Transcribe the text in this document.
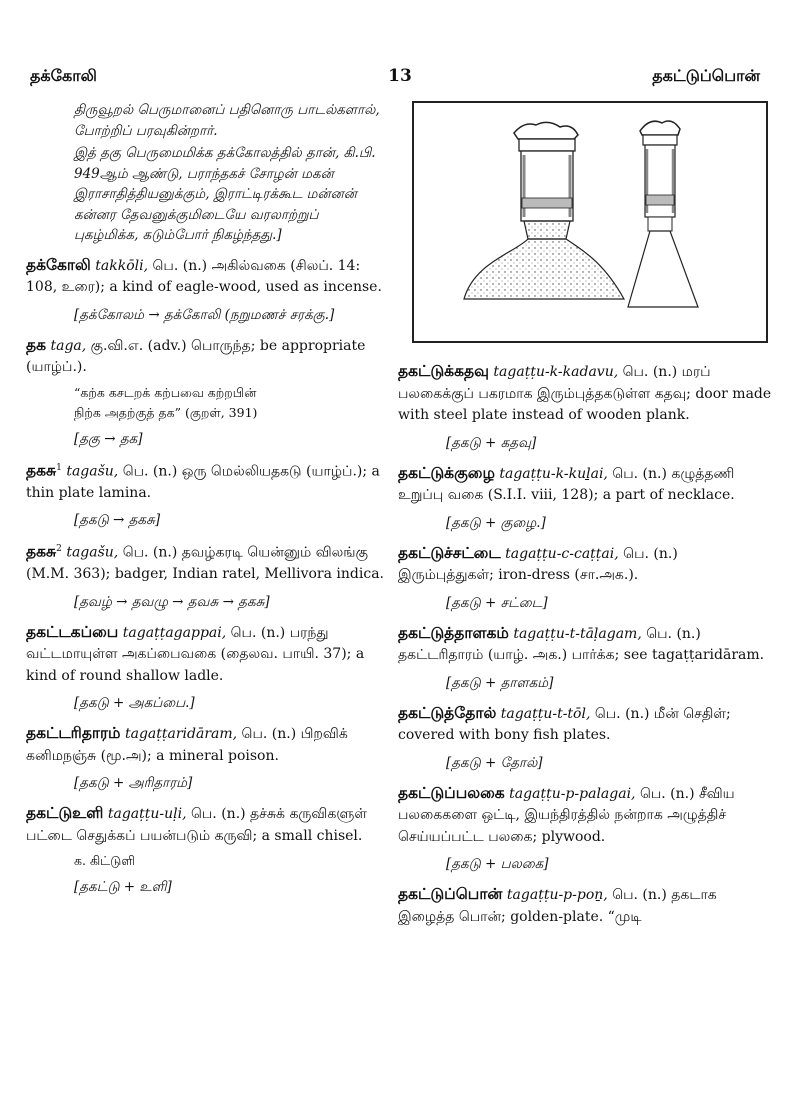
தக்கோலி	13	தகட்டுப்பொன்

திருவூறல் பெருமானைப் பதினொரு பாடல்களால், போற்றிப் பரவுகின்றார்.

இத் தகு பெருமைமிக்க தக்கோலத்தில் தான், கி.பி. 949ஆம் ஆண்டு, பராந்தகச் சோழன் மகன் இராசாதித்தியனுக்கும், இராட்டிரக்கூட மன்னன் கன்னர தேவனுக்குமிடையே வரலாற்றுப் புகழ்மிக்க, கடும்போர் நிகழ்ந்தது.]

தக்கோலி takkōli, பெ. (n.) அகில்வகை (சிலப். 14: 108, உரை); a kind of eagle-wood, used as incense.

[தக்கோலம் → தக்கோலி (நறுமணச் சரக்கு.]

தக taga, கு.வி.எ. (adv.) பொருந்த; be appropriate (யாழ்ப்.).

“கற்க கசடறக் கற்பவை கற்றபின்

நிற்க அதற்குத் தக” (குறள், 391)

[தகு → தக]

தகசு$^1$ tagašu, பெ. (n.) ஒரு மெல்லியதகடு (யாழ்ப்.); a thin plate lamina.

[தகடு → தகசு]

தகசு$^2$ tagašu, பெ. (n.) தவழ்கரடி யென்னும் விலங்கு (M.M. 363); badger, Indian ratel, Mellivora indica.

[தவழ் → தவழு → தவசு → தகசு]

தகட்டகப்பை tagaṭṭagappai, பெ. (n.) பரந்து வட்டமாயுள்ள அகப்பைவகை (தைலவ. பாயி. 37); a kind of round shallow ladle.

[தகடு + அகப்பை.]

தகட்டரிதாரம் tagaṭṭaridāram, பெ. (n.) பிறவிக் கனிமநஞ்சு (மூ.அ); a mineral poison.

[தகடு + அரிதாரம்]

தகட்டுஉளி tagaṭṭu-uḷi, பெ. (n.) தச்சுக் கருவிகளுள் பட்டை செதுக்கப் பயன்படும் கருவி; a small chisel.

க. கிட்டுளி

[தகட்டு + உளி]

தகட்டுக்கதவு tagaṭṭu-k-kadavu, பெ. (n.) மரப் பலகைக்குப் பகரமாக இரும்புத்தகடுள்ள கதவு; door made with steel plate instead of wooden plank.

[தகடு + கதவு]

தகட்டுக்குழை tagaṭṭu-k-kuḻai, பெ. (n.) கழுத்தணி உறுப்பு வகை (S.I.I. viii, 128); a part of necklace.

[தகடு + குழை.]

தகட்டுச்சட்டை tagaṭṭu-c-caṭṭai, பெ. (n.) இரும்புத்துகள்; iron-dress (சா.அக.).

[தகடு + சட்டை]

தகட்டுத்தாளகம் tagaṭṭu-t-tāḷagam, பெ. (n.) தகட்டரிதாரம் (யாழ். அக.) பார்க்க; see tagaṭṭaridāram.

[தகடு + தாளகம்]

தகட்டுத்தோல் tagaṭṭu-t-tōl, பெ. (n.) மீன் செதிள்; covered with bony fish plates.

[தகடு + தோல்]

தகட்டுப்பலகை tagaṭṭu-p-palagai, பெ. (n.) சீவிய பலகைகளை ஒட்டி, இயந்திரத்தில் நன்றாக அழுத்திச் செய்யப்பட்ட பலகை; plywood.

[தகடு + பலகை]

தகட்டுப்பொன் tagaṭṭu-p-poṉ, பெ. (n.) தகடாக இழைத்த பொன்; golden-plate. “முடி
